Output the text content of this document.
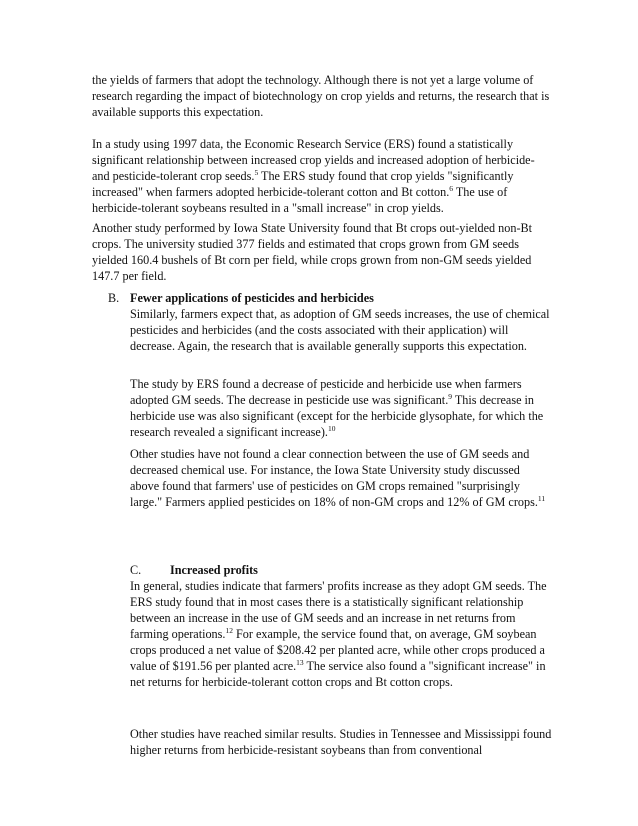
the yields of farmers that adopt the technology. Although there is not yet a large volume of research regarding the impact of biotechnology on crop yields and returns, the research that is available supports this expectation.

In a study using 1997 data, the Economic Research Service (ERS) found a statistically significant relationship between increased crop yields and increased adoption of herbicide- and pesticide-tolerant crop seeds.$^5$ The ERS study found that crop yields "significantly increased" when farmers adopted herbicide-tolerant cotton and Bt cotton.$^6$ The use of herbicide-tolerant soybeans resulted in a "small increase" in crop yields.

Another study performed by Iowa State University found that Bt crops out-yielded non-Bt crops. The university studied 377 fields and estimated that crops grown from GM seeds yielded 160.4 bushels of Bt corn per field, while crops grown from non-GM seeds yielded 147.7 per field.

B. Fewer applications of pesticides and herbicides

Similarly, farmers expect that, as adoption of GM seeds increases, the use of chemical pesticides and herbicides (and the costs associated with their application) will decrease. Again, the research that is available generally supports this expectation.

The study by ERS found a decrease of pesticide and herbicide use when farmers adopted GM seeds. The decrease in pesticide use was significant.$^9$ This decrease in herbicide use was also significant (except for the herbicide glysophate, for which the research revealed a significant increase).$^{10}$

Other studies have not found a clear connection between the use of GM seeds and decreased chemical use. For instance, the Iowa State University study discussed above found that farmers' use of pesticides on GM crops remained "surprisingly large." Farmers applied pesticides on 18% of non-GM crops and 12% of GM crops.$^{11}$

C. Increased profits

In general, studies indicate that farmers' profits increase as they adopt GM seeds. The ERS study found that in most cases there is a statistically significant relationship between an increase in the use of GM seeds and an increase in net returns from farming operations.$^{12}$ For example, the service found that, on average, GM soybean crops produced a net value of $208.42 per planted acre, while other crops produced a value of $191.56 per planted acre.$^{13}$ The service also found a "significant increase" in net returns for herbicide-tolerant cotton crops and Bt cotton crops.

Other studies have reached similar results. Studies in Tennessee and Mississippi found higher returns from herbicide-resistant soybeans than from conventional
